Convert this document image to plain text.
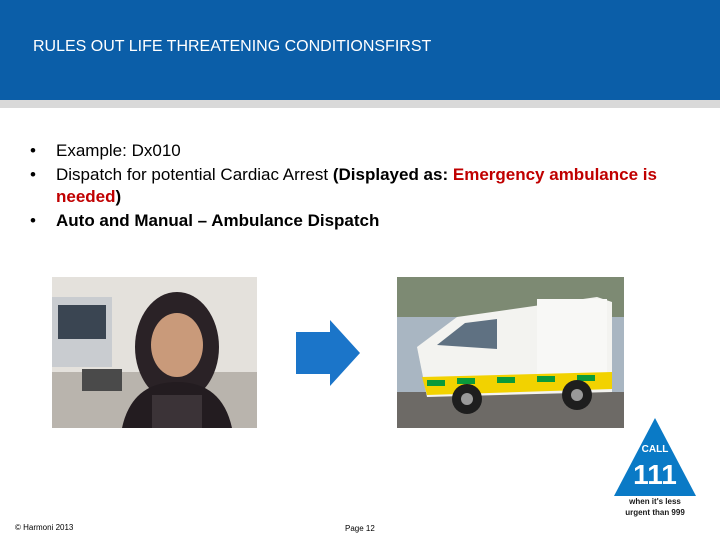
RULES OUT LIFE THREATENING CONDITIONSFIRST
• Example: Dx010
• Dispatch for potential Cardiac Arrest (Displayed as: Emergency ambulance is needed)
• Auto and Manual – Ambulance Dispatch
CALL
111
when it's less
urgent than 999
© Harmoni 2013	Page 12
